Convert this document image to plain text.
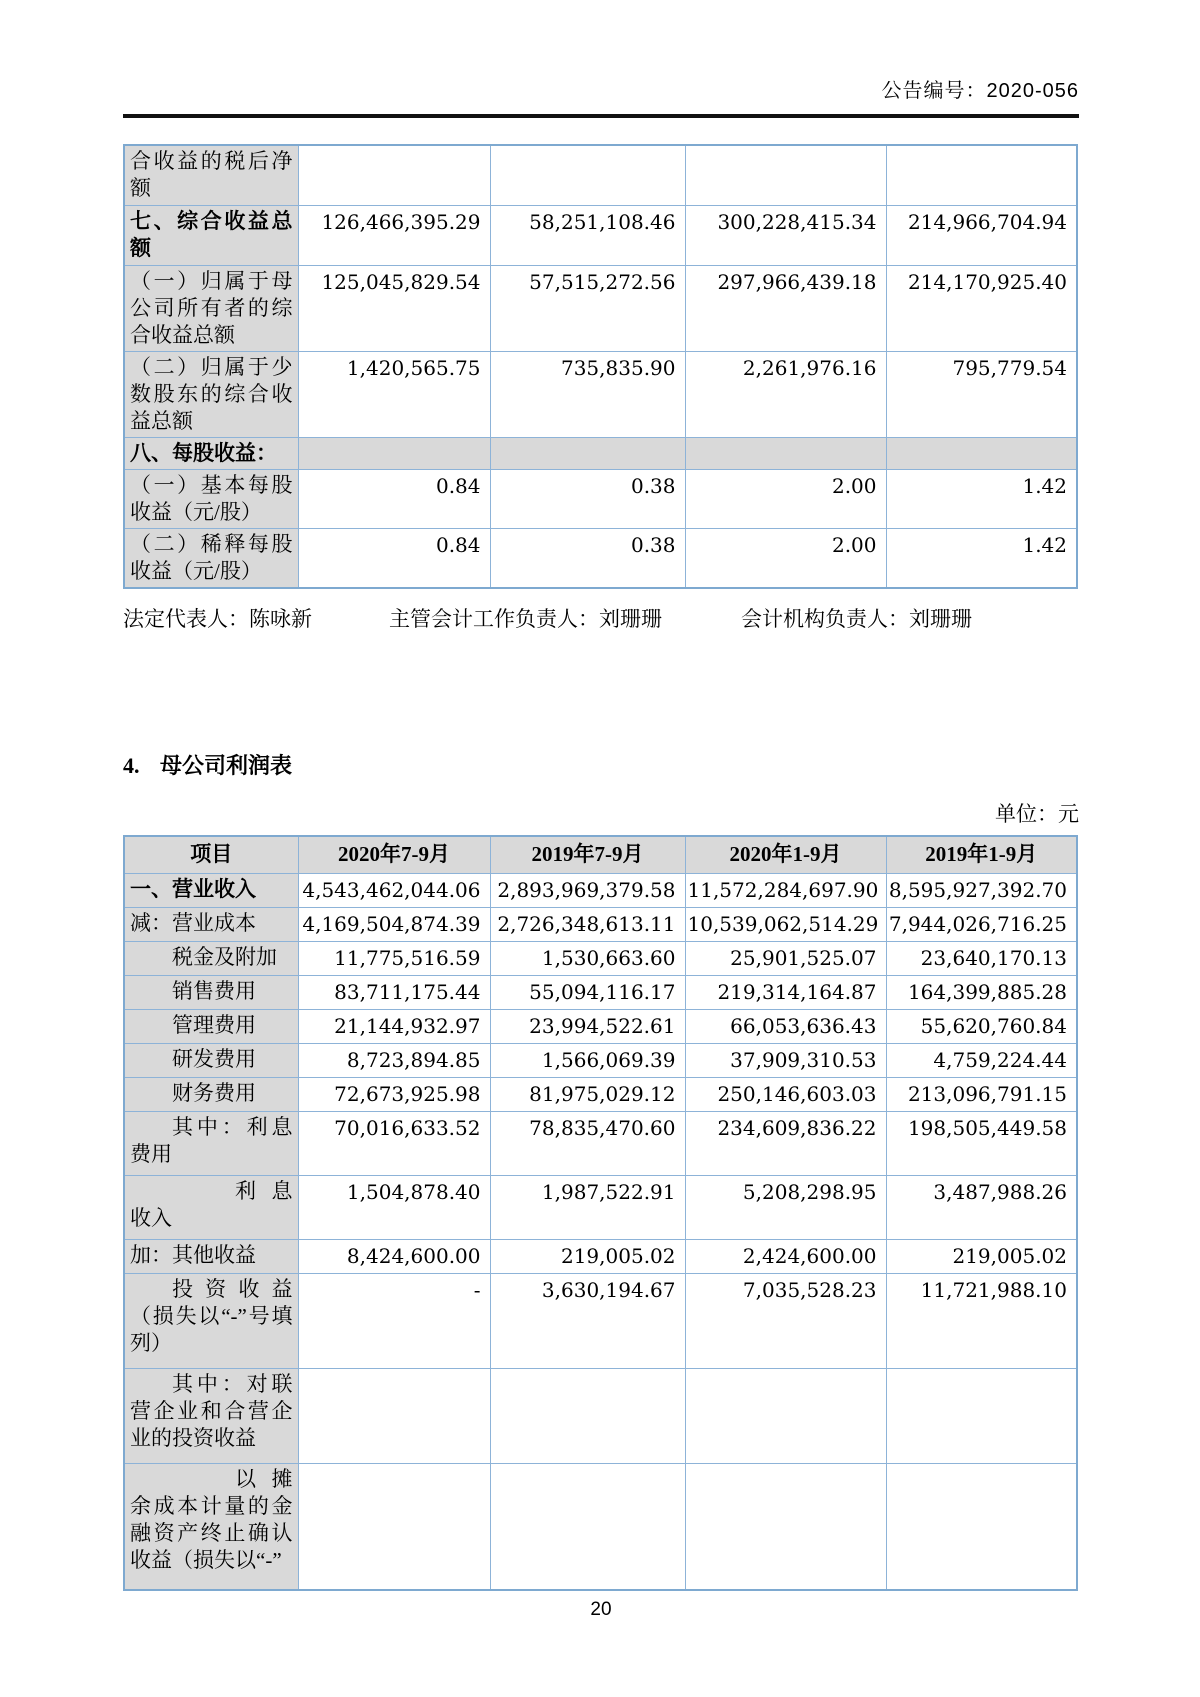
公告编号：2020-056
合收益的税后净额				
七、综合收益总额	126,466,395.29	58,251,108.46	300,228,415.34	214,966,704.94
（一）归属于母公司所有者的综合收益总额	125,045,829.54	57,515,272.56	297,966,439.18	214,170,925.40
（二）归属于少数股东的综合收益总额	1,420,565.75	735,835.90	2,261,976.16	795,779.54
八、每股收益：				
（一）基本每股收益（元/股）	0.84	0.38	2.00	1.42
（二）稀释每股收益（元/股）	0.84	0.38	2.00	1.42
法定代表人：陈咏新	主管会计工作负责人：刘珊珊	会计机构负责人：刘珊珊
4. 母公司利润表
单位：元
项目	2020年7-9月	2019年7-9月	2020年1-9月	2019年1-9月
一、营业收入	4,543,462,044.06	2,893,969,379.58	11,572,284,697.90	8,595,927,392.70
减：营业成本	4,169,504,874.39	2,726,348,613.11	10,539,062,514.29	7,944,026,716.25
税金及附加	11,775,516.59	1,530,663.60	25,901,525.07	23,640,170.13
销售费用	83,711,175.44	55,094,116.17	219,314,164.87	164,399,885.28
管理费用	21,144,932.97	23,994,522.61	66,053,636.43	55,620,760.84
研发费用	8,723,894.85	1,566,069.39	37,909,310.53	4,759,224.44
财务费用	72,673,925.98	81,975,029.12	250,146,603.03	213,096,791.15
其中：利息费用	70,016,633.52	78,835,470.60	234,609,836.22	198,505,449.58
利息收入	1,504,878.40	1,987,522.91	5,208,298.95	3,487,988.26
加：其他收益	8,424,600.00	219,005.02	2,424,600.00	219,005.02
投资收益（损失以“-”号填列）	-	3,630,194.67	7,035,528.23	11,721,988.10
其中：对联营企业和合营企业的投资收益				
以摊余成本计量的金融资产终止确认收益（损失以“-”				
20
